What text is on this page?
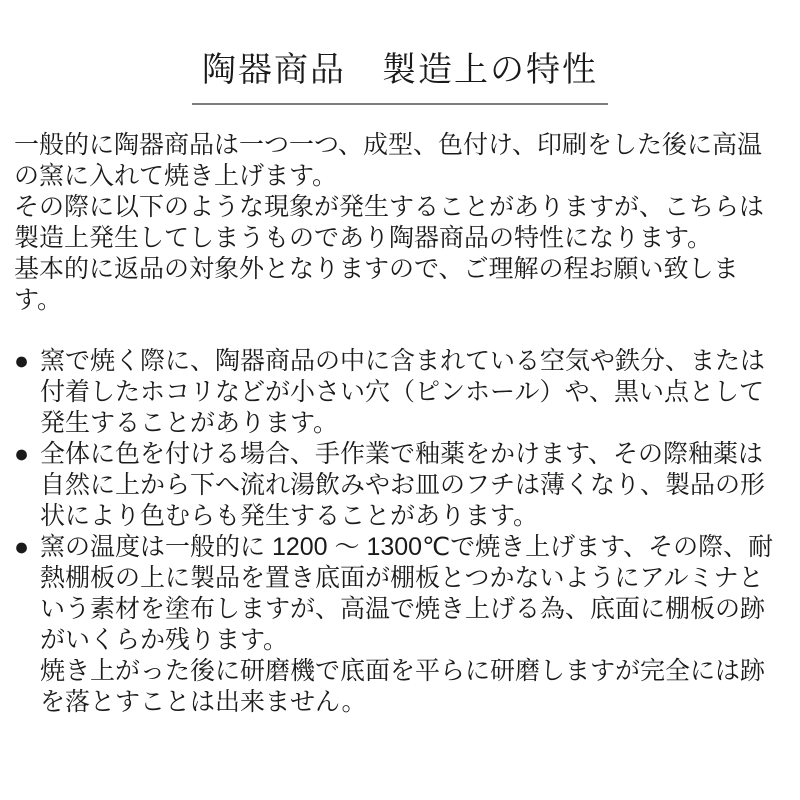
陶器商品　製造上の特性

一般的に陶器商品は一つ一つ、成型、色付け、印刷をした後に高温の窯に入れて焼き上げます。

その際に以下のような現象が発生することがありますが、こちらは製造上発生してしまうものであり陶器商品の特性になります。

基本的に返品の対象外となりますので、ご理解の程お願い致します。

● 窯で焼く際に、陶器商品の中に含まれている空気や鉄分、または付着したホコリなどが小さい穴（ピンホール）や、黒い点として発生することがあります。

● 全体に色を付ける場合、手作業で釉薬をかけます、その際釉薬は自然に上から下へ流れ湯飲みやお皿のフチは薄くなり、製品の形状により色むらも発生することがあります。

● 窯の温度は一般的に 1200 ～ 1300℃で焼き上げます、その際、耐熱棚板の上に製品を置き底面が棚板とつかないようにアルミナという素材を塗布しますが、高温で焼き上げる為、底面に棚板の跡がいくらか残ります。

焼き上がった後に研磨機で底面を平らに研磨しますが完全には跡を落とすことは出来ません。
